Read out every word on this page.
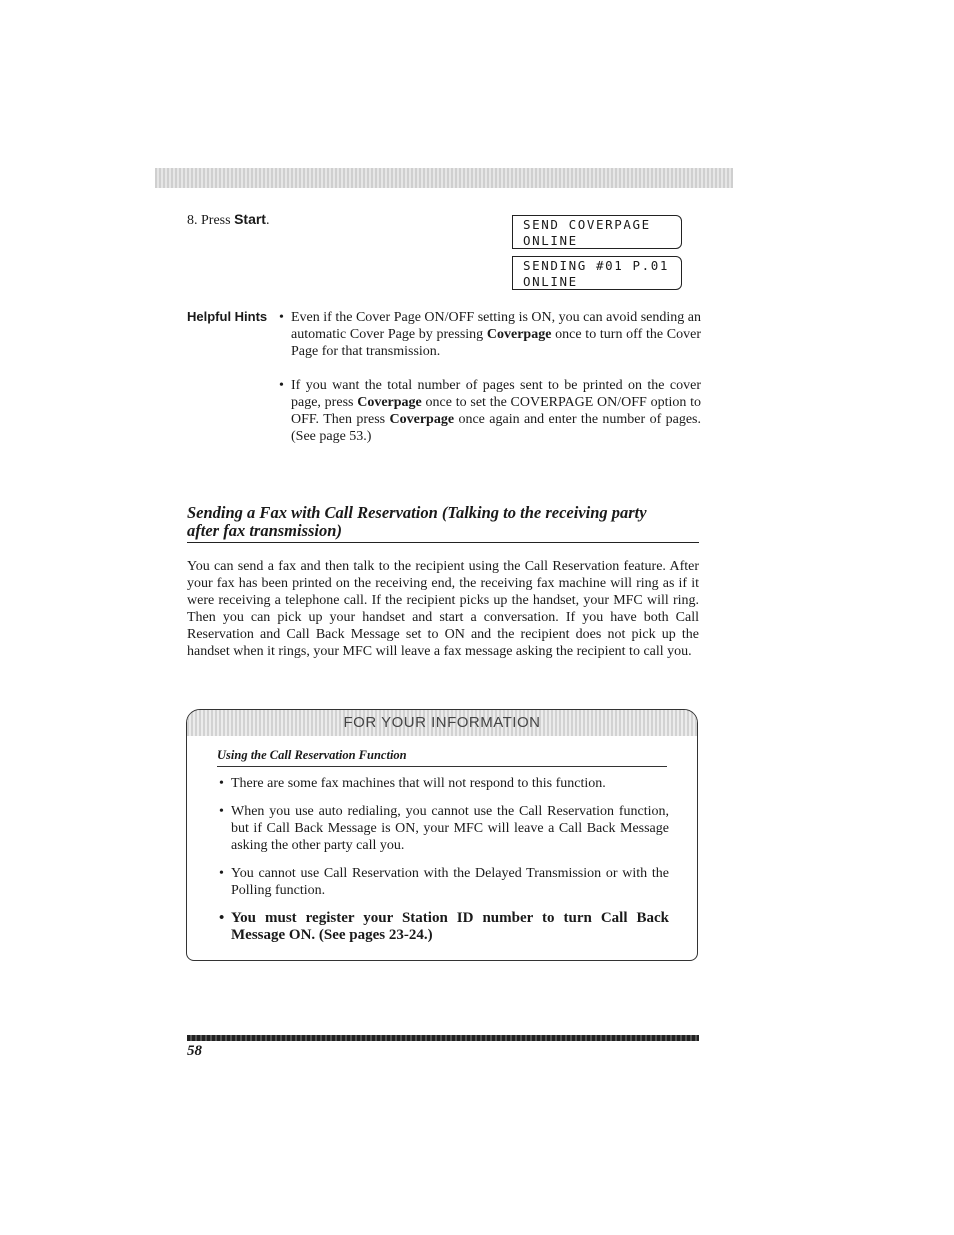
8. Press Start.	SEND COVERPAGE
ONLINE
SENDING #01 P.01
ONLINE
Helpful Hints • Even if the Cover Page ON/OFF setting is ON, you can avoid sending an automatic Cover Page by pressing Coverpage once to turn off the Cover Page for that transmission.
• If you want the total number of pages sent to be printed on the cover page, press Coverpage once to set the COVERPAGE ON/OFF option to OFF. Then press Coverpage once again and enter the number of pages. (See page 53.)
Sending a Fax with Call Reservation (Talking to the receiving party
after fax transmission)
You can send a fax and then talk to the recipient using the Call Reservation feature. After your fax has been printed on the receiving end, the receiving fax machine will ring as if it were receiving a telephone call. If the recipient picks up the handset, your MFC will ring. Then you can pick up your handset and start a conversation. If you have both Call Reservation and Call Back Message set to ON and the recipient does not pick up the handset when it rings, your MFC will leave a fax message asking the recipient to call you.
FOR YOUR INFORMATION
Using the Call Reservation Function
• There are some fax machines that will not respond to this function.
• When you use auto redialing, you cannot use the Call Reservation function, but if Call Back Message is ON, your MFC will leave a Call Back Message asking the other party call you.
• You cannot use Call Reservation with the Delayed Transmission or with the Polling function.
• You must register your Station ID number to turn Call Back Message ON. (See pages 23-24.)
58
